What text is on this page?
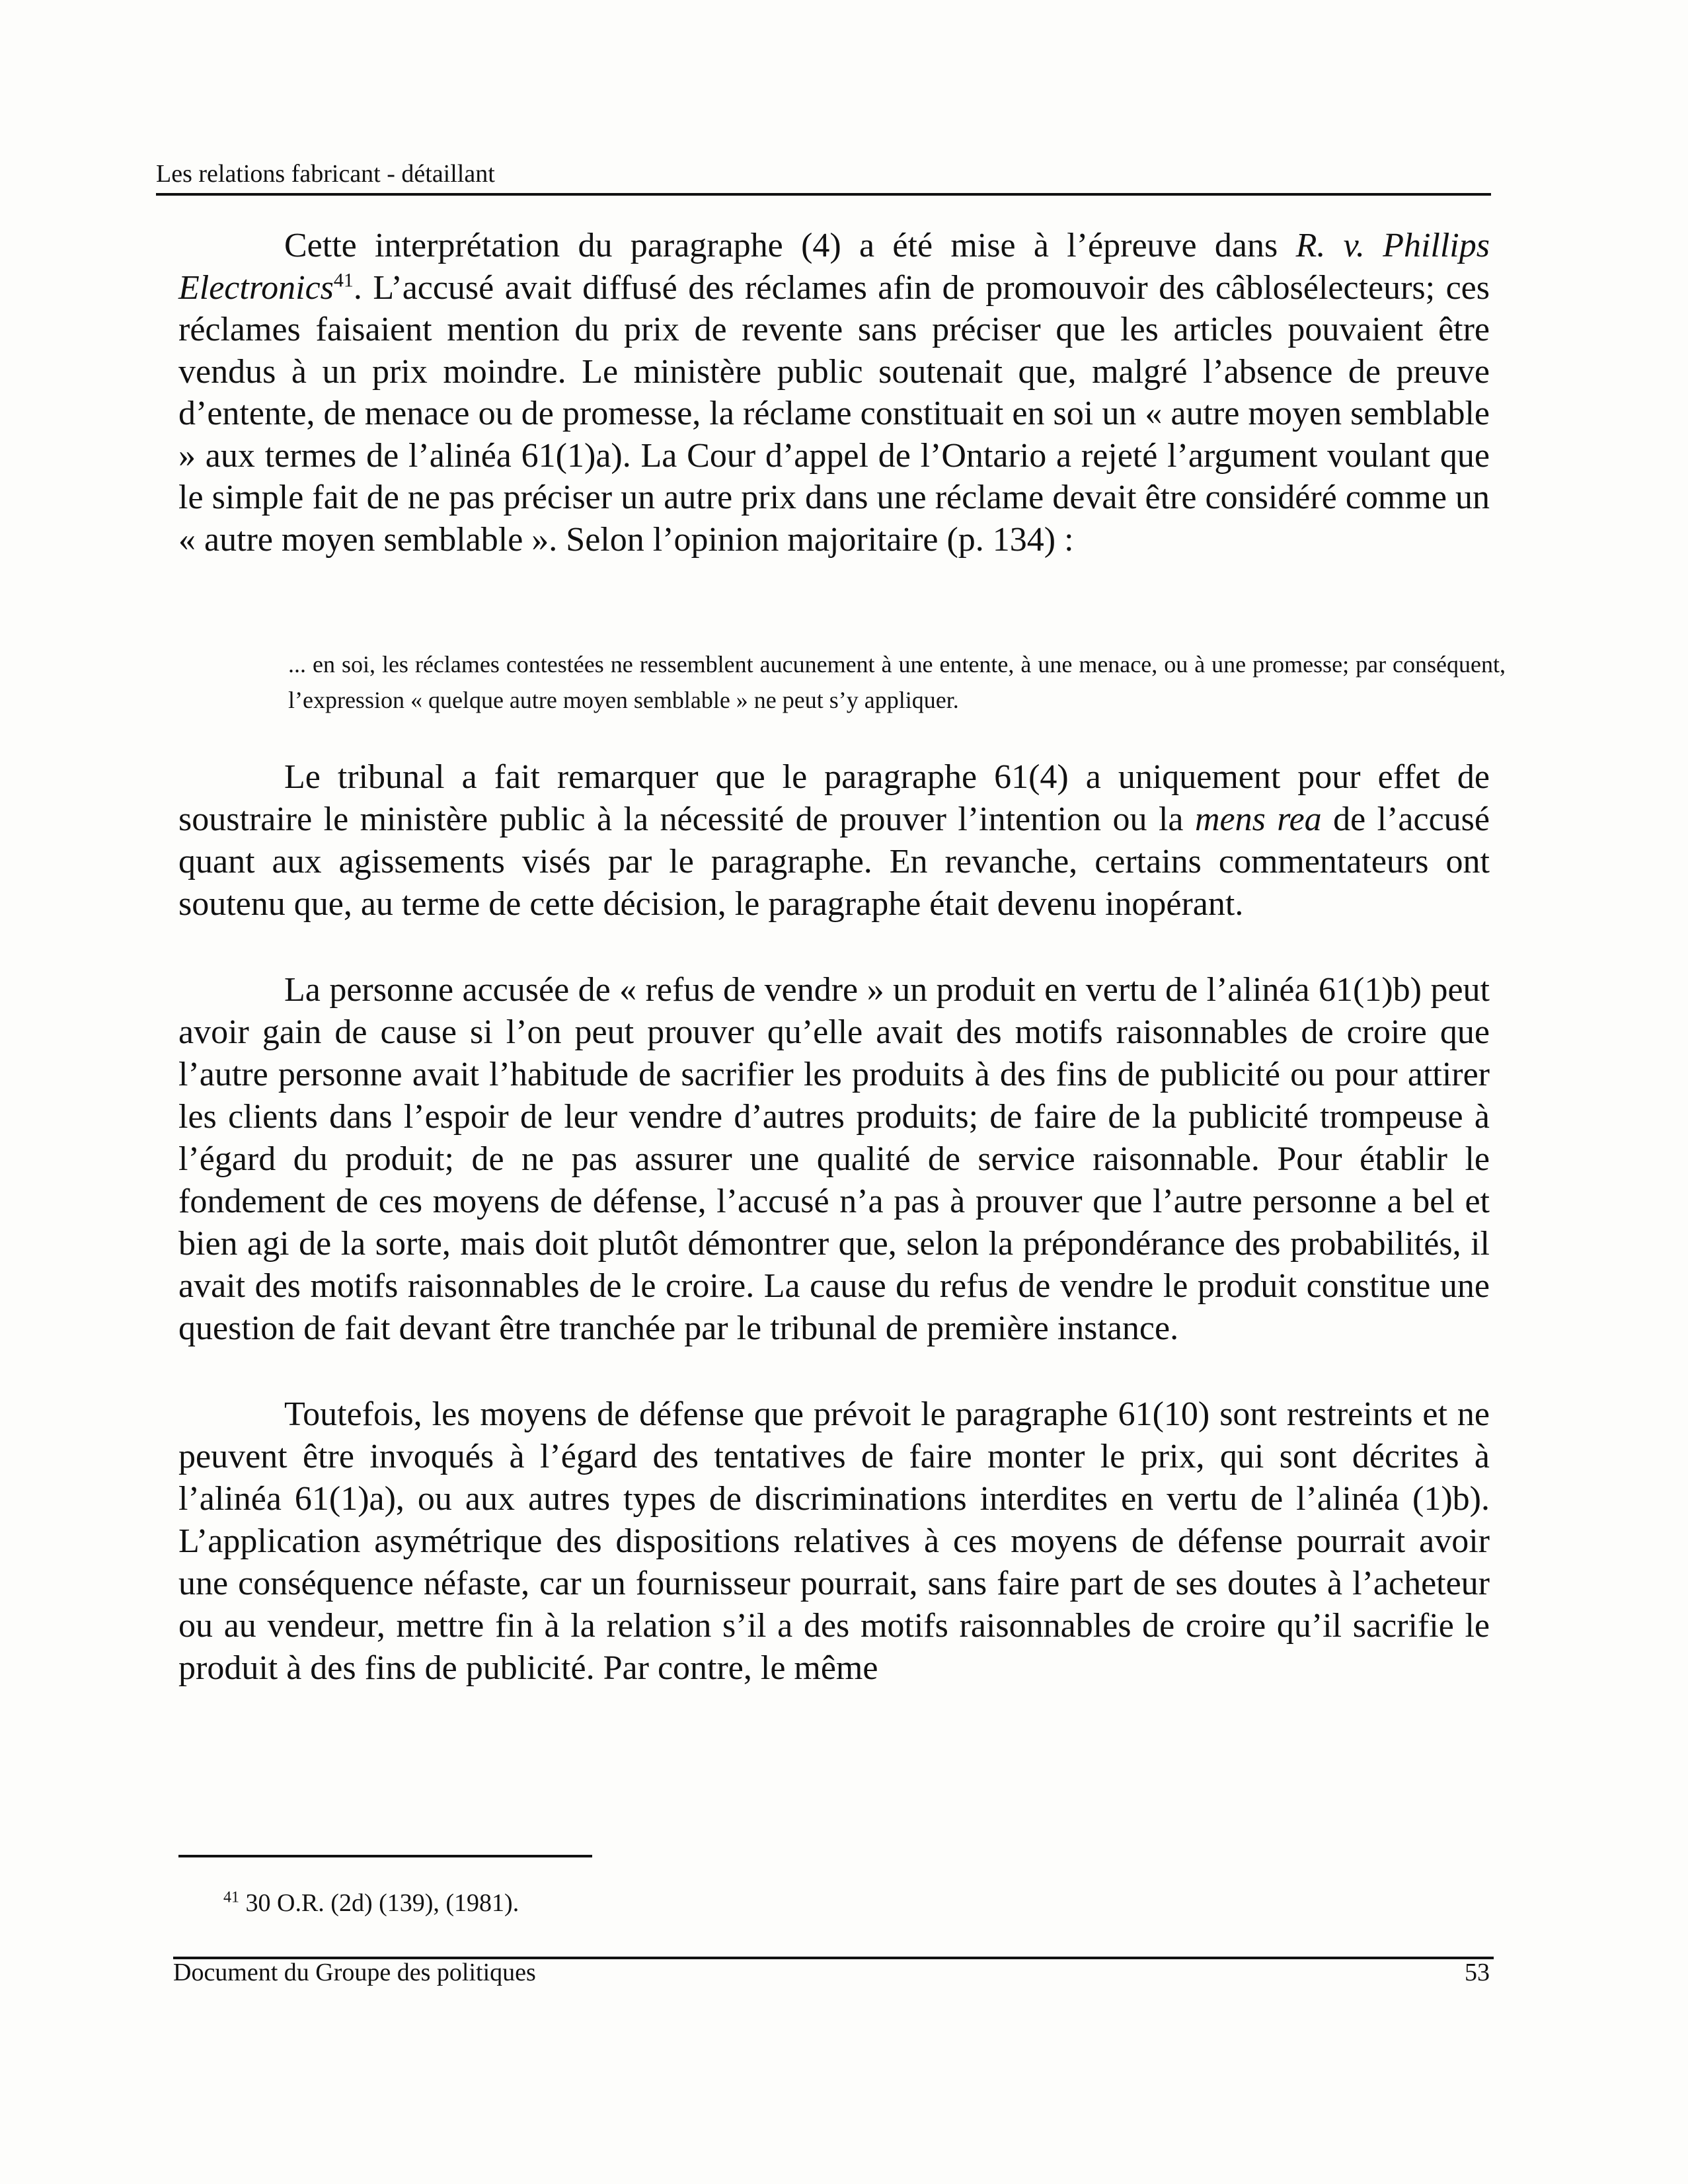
Les relations fabricant - détaillant

Cette interprétation du paragraphe (4) a été mise à l’épreuve dans R. v. Phillips Electronics$^{41}$. L’accusé avait diffusé des réclames afin de promouvoir des câblosélecteurs; ces réclames faisaient mention du prix de revente sans préciser que les articles pouvaient être vendus à un prix moindre. Le ministère public soutenait que, malgré l’absence de preuve d’entente, de menace ou de promesse, la réclame constituait en soi un « autre moyen semblable » aux termes de l’alinéa 61(1)a). La Cour d’appel de l’Ontario a rejeté l’argument voulant que le simple fait de ne pas préciser un autre prix dans une réclame devait être considéré comme un « autre moyen semblable ». Selon l’opinion majoritaire (p. 134) :

... en soi, les réclames contestées ne ressemblent aucunement à une entente, à une menace, ou à une promesse; par conséquent, l’expression « quelque autre moyen semblable » ne peut s’y appliquer.

Le tribunal a fait remarquer que le paragraphe 61(4) a uniquement pour effet de soustraire le ministère public à la nécessité de prouver l’intention ou la mens rea de l’accusé quant aux agissements visés par le paragraphe. En revanche, certains commentateurs ont soutenu que, au terme de cette décision, le paragraphe était devenu inopérant.

La personne accusée de « refus de vendre » un produit en vertu de l’alinéa 61(1)b) peut avoir gain de cause si l’on peut prouver qu’elle avait des motifs raisonnables de croire que l’autre personne avait l’habitude de sacrifier les produits à des fins de publicité ou pour attirer les clients dans l’espoir de leur vendre d’autres produits; de faire de la publicité trompeuse à l’égard du produit; de ne pas assurer une qualité de service raisonnable. Pour établir le fondement de ces moyens de défense, l’accusé n’a pas à prouver que l’autre personne a bel et bien agi de la sorte, mais doit plutôt démontrer que, selon la prépondérance des probabilités, il avait des motifs raisonnables de le croire. La cause du refus de vendre le produit constitue une question de fait devant être tranchée par le tribunal de première instance.

Toutefois, les moyens de défense que prévoit le paragraphe 61(10) sont restreints et ne peuvent être invoqués à l’égard des tentatives de faire monter le prix, qui sont décrites à l’alinéa 61(1)a), ou aux autres types de discriminations interdites en vertu de l’alinéa (1)b). L’application asymétrique des dispositions relatives à ces moyens de défense pourrait avoir une conséquence néfaste, car un fournisseur pourrait, sans faire part de ses doutes à l’acheteur ou au vendeur, mettre fin à la relation s’il a des motifs raisonnables de croire qu’il sacrifie le produit à des fins de publicité. Par contre, le même

$^{41}$ 30 O.R. (2d) (139), (1981).
Document du Groupe des politiques	53
